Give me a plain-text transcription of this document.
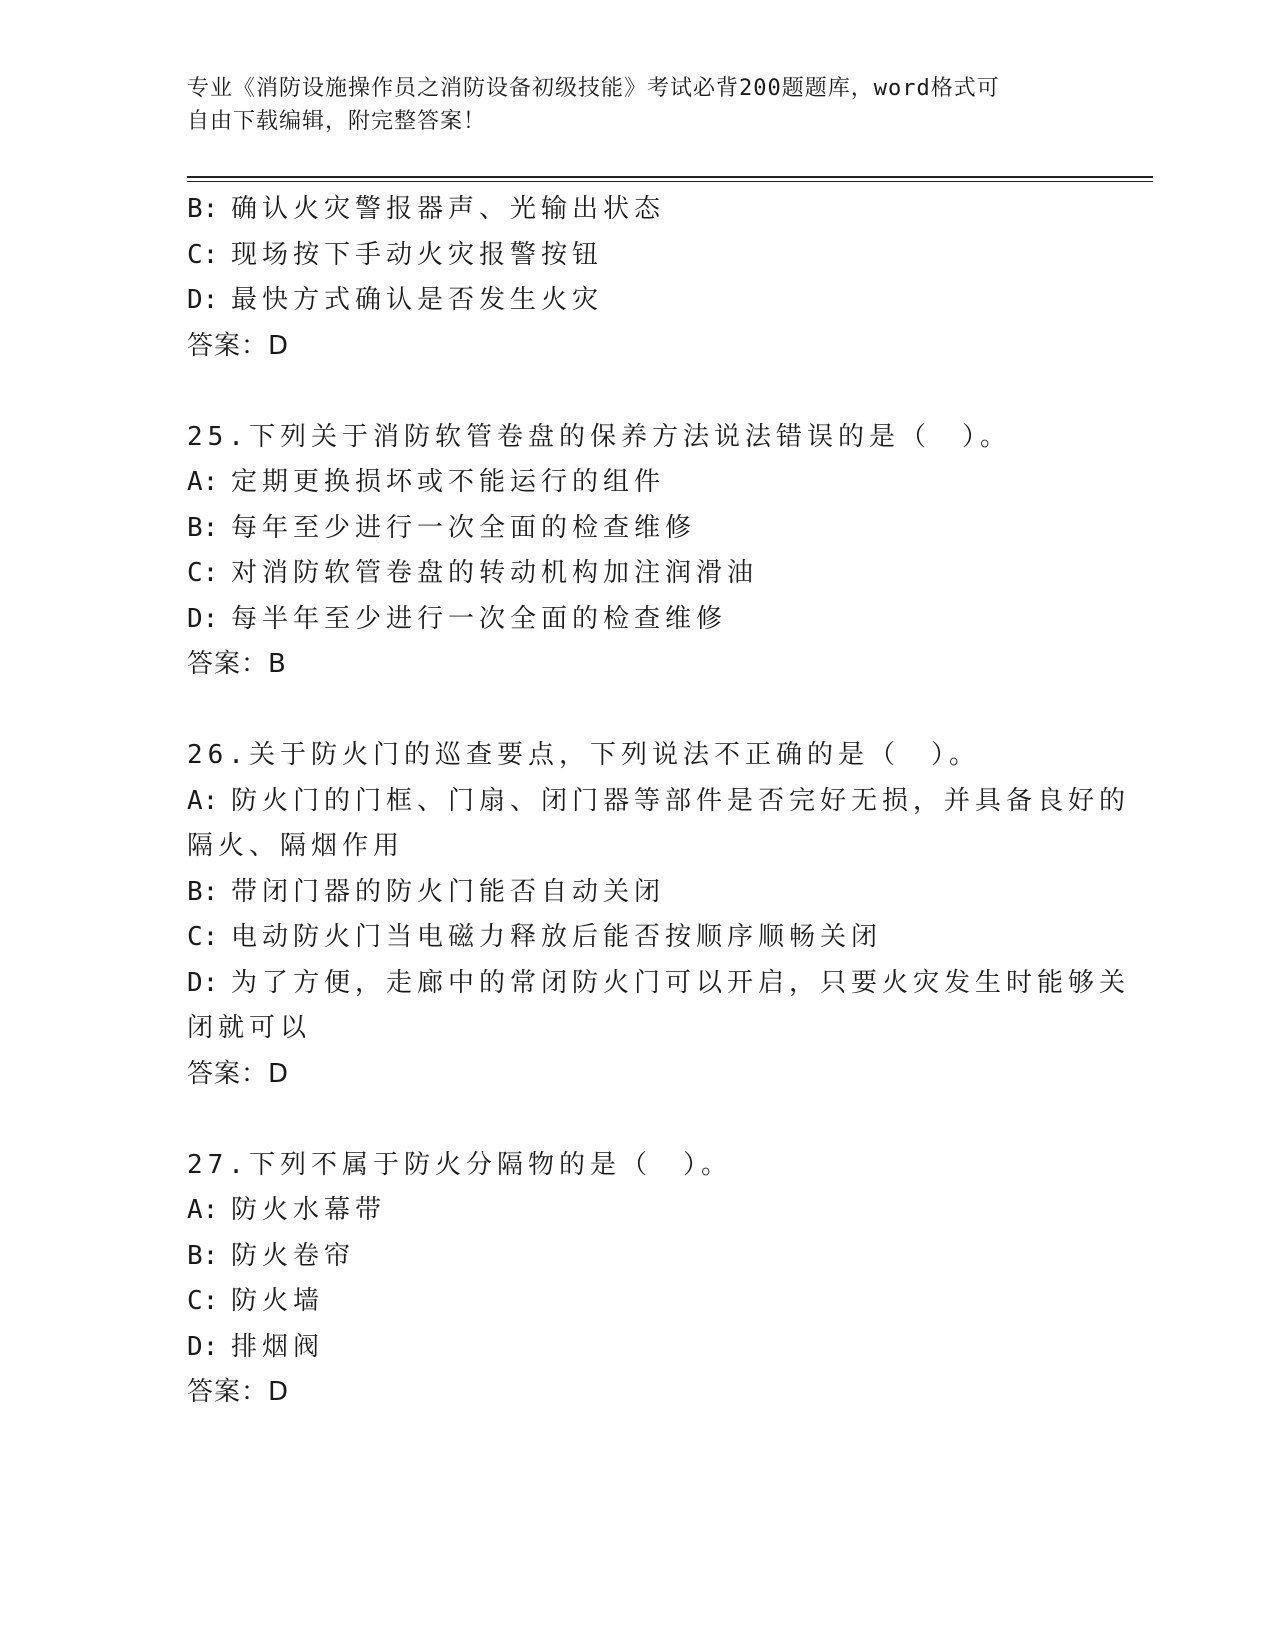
专业《消防设施操作员之消防设备初级技能》考试必背200题题库，word格式可
自由下载编辑，附完整答案！
B: 确认火灾警报器声、光输出状态
C: 现场按下手动火灾报警按钮
D: 最快方式确认是否发生火灾
答案：D
25.下列关于消防软管卷盘的保养方法说法错误的是（　）。
A: 定期更换损坏或不能运行的组件
B: 每年至少进行一次全面的检查维修
C: 对消防软管卷盘的转动机构加注润滑油
D: 每半年至少进行一次全面的检查维修
答案：B
26.关于防火门的巡查要点，下列说法不正确的是（　）。
A: 防火门的门框、门扇、闭门器等部件是否完好无损，并具备良好的
隔火、隔烟作用
B: 带闭门器的防火门能否自动关闭
C: 电动防火门当电磁力释放后能否按顺序顺畅关闭
D: 为了方便，走廊中的常闭防火门可以开启，只要火灾发生时能够关
闭就可以
答案：D
27.下列不属于防火分隔物的是（　）。
A: 防火水幕带
B: 防火卷帘
C: 防火墙
D: 排烟阀
答案：D
